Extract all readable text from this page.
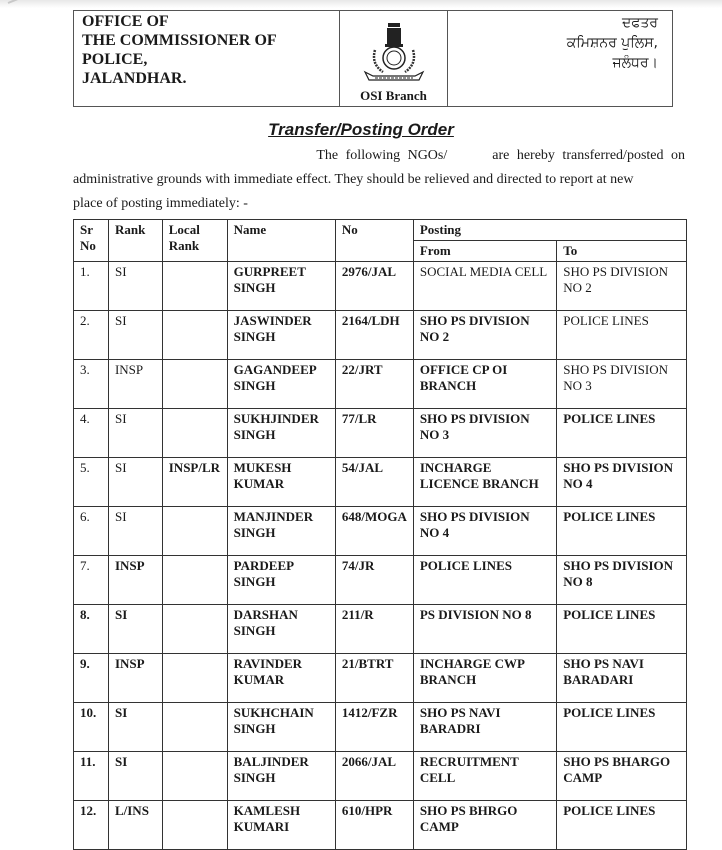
OFFICE OF
THE COMMISSIONER OF POLICE,
JALANDHAR.
OSI Branch
ਦਫਤਰ
ਕਮਿਸ਼ਨਰ ਪੁਲਿਸ,
ਜਲੰਧਰ।
Transfer/Posting Order
The following NGOs/      are hereby transferred/posted on
administrative grounds with immediate effect. They should be relieved and directed to report at new
place of posting immediately: -
Sr No	Rank	Local Rank	Name	No	Posting	
					From	To
1.	SI		GURPREET SINGH	2976/JAL	SOCIAL MEDIA CELL	SHO PS DIVISION NO 2
2.	SI		JASWINDER SINGH	2164/LDH	SHO PS DIVISION NO 2	POLICE LINES
3.	INSP		GAGANDEEP SINGH	22/JRT	OFFICE CP OI BRANCH	SHO PS DIVISION NO 3
4.	SI		SUKHJINDER SINGH	77/LR	SHO PS DIVISION NO 3	POLICE LINES
5.	SI	INSP/LR	MUKESH KUMAR	54/JAL	INCHARGE LICENCE BRANCH	SHO PS DIVISION NO 4
6.	SI		MANJINDER SINGH	648/MOGA	SHO PS DIVISION NO 4	POLICE LINES
7.	INSP		PARDEEP SINGH	74/JR	POLICE LINES	SHO PS DIVISION NO 8
8.	SI		DARSHAN SINGH	211/R	PS DIVISION NO 8	POLICE LINES
9.	INSP		RAVINDER KUMAR	21/BTRT	INCHARGE CWP BRANCH	SHO PS NAVI BARADARI
10.	SI		SUKHCHAIN SINGH	1412/FZR	SHO PS NAVI BARADRI	POLICE LINES
11.	SI		BALJINDER SINGH	2066/JAL	RECRUITMENT CELL	SHO PS BHARGO CAMP
12.	L/INS		KAMLESH KUMARI	610/HPR	SHO PS BHRGO CAMP	POLICE LINES
